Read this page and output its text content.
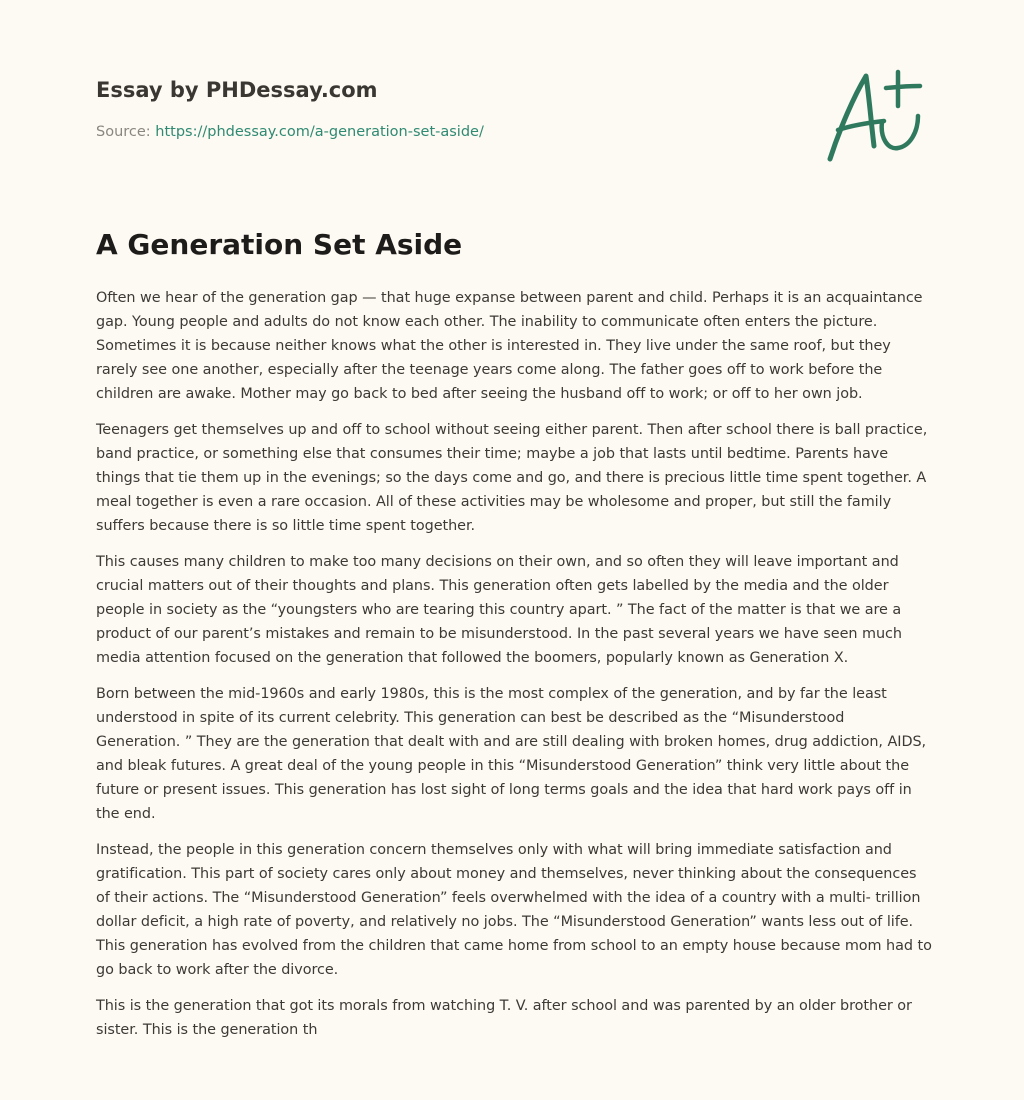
Essay by PHDessay.com
Source: https://phdessay.com/a-generation-set-aside/
A Generation Set Aside

Often we hear of the generation gap — that huge expanse between parent and child. Perhaps it is an acquaintance gap. Young people and adults do not know each other. The inability to communicate often enters the picture. Sometimes it is because neither knows what the other is interested in. They live under the same roof, but they rarely see one another, especially after the teenage years come along. The father goes off to work before the children are awake. Mother may go back to bed after seeing the husband off to work; or off to her own job.

Teenagers get themselves up and off to school without seeing either parent. Then after school there is ball practice, band practice, or something else that consumes their time; maybe a job that lasts until bedtime. Parents have things that tie them up in the evenings; so the days come and go, and there is precious little time spent together. A meal together is even a rare occasion. All of these activities may be wholesome and proper, but still the family suffers because there is so little time spent together.

This causes many children to make too many decisions on their own, and so often they will leave important and crucial matters out of their thoughts and plans. This generation often gets labelled by the media and the older people in society as the “youngsters who are tearing this country apart. ” The fact of the matter is that we are a product of our parent’s mistakes and remain to be misunderstood. In the past several years we have seen much media attention focused on the generation that followed the boomers, popularly known as Generation X.

Born between the mid-1960s and early 1980s, this is the most complex of the generation, and by far the least understood in spite of its current celebrity. This generation can best be described as the “Misunderstood Generation. ” They are the generation that dealt with and are still dealing with broken homes, drug addiction, AIDS, and bleak futures. A great deal of the young people in this “Misunderstood Generation” think very little about the future or present issues. This generation has lost sight of long terms goals and the idea that hard work pays off in the end.

Instead, the people in this generation concern themselves only with what will bring immediate satisfaction and gratification. This part of society cares only about money and themselves, never thinking about the consequences of their actions. The “Misunderstood Generation” feels overwhelmed with the idea of a country with a multi- trillion dollar deficit, a high rate of poverty, and relatively no jobs. The “Misunderstood Generation” wants less out of life. This generation has evolved from the children that came home from school to an empty house because mom had to go back to work after the divorce.

This is the generation that got its morals from watching T. V. after school and was parented by an older brother or sister. This is the generation th
